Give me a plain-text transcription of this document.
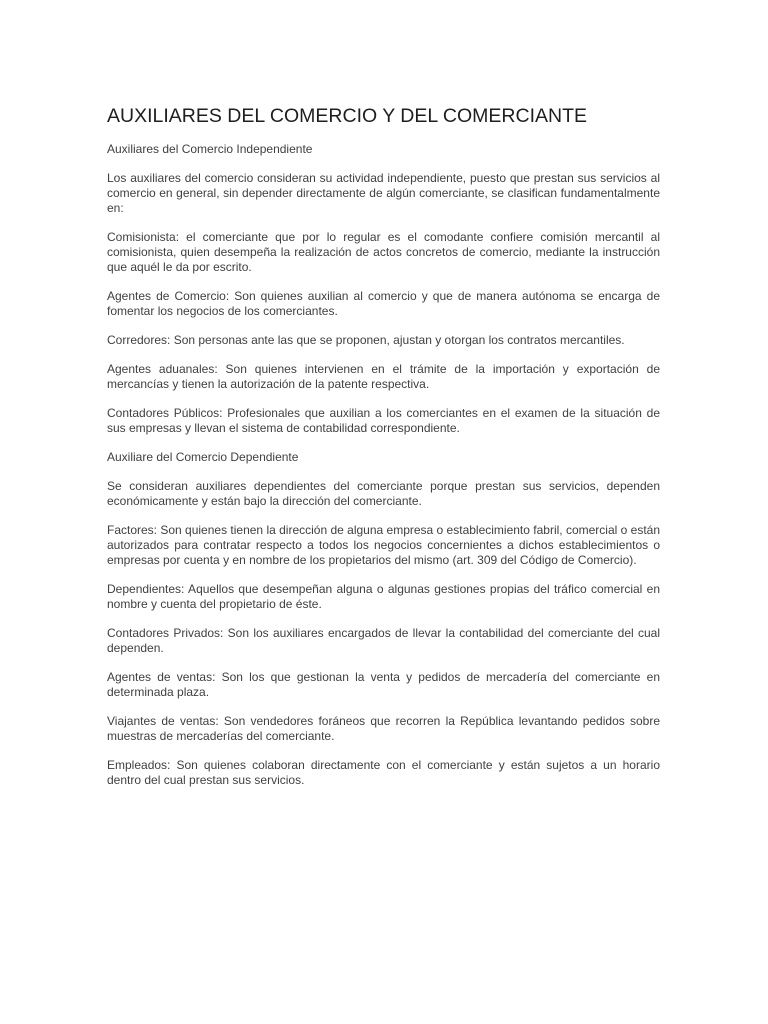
AUXILIARES DEL COMERCIO Y DEL COMERCIANTE
Auxiliares del Comercio Independiente

Los auxiliares del comercio consideran su actividad independiente, puesto que prestan sus servicios al comercio en general, sin depender directamente de algún comerciante, se clasifican fundamentalmente en:

Comisionista: el comerciante que por lo regular es el comodante confiere comisión mercantil al comisionista, quien desempeña la realización de actos concretos de comercio, mediante la instrucción que aquél le da por escrito.

Agentes de Comercio: Son quienes auxilian al comercio y que de manera autónoma se encarga de fomentar los negocios de los comerciantes.

Corredores: Son personas ante las que se proponen, ajustan y otorgan los contratos mercantiles.

Agentes aduanales: Son quienes intervienen en el trámite de la importación y exportación de mercancías y tienen la autorización de la patente respectiva.

Contadores Públicos: Profesionales que auxilian a los comerciantes en el examen de la situación de sus empresas y llevan el sistema de contabilidad correspondiente.

Auxiliare del Comercio Dependiente

Se consideran auxiliares dependientes del comerciante porque prestan sus servicios, dependen económicamente y están bajo la dirección del comerciante.

Factores: Son quienes tienen la dirección de alguna empresa o establecimiento fabril, comercial o están autorizados para contratar respecto a todos los negocios concernientes a dichos establecimientos o empresas por cuenta y en nombre de los propietarios del mismo (art. 309 del Código de Comercio).

Dependientes: Aquellos que desempeñan alguna o algunas gestiones propias del tráfico comercial en nombre y cuenta del propietario de éste.

Contadores Privados: Son los auxiliares encargados de llevar la contabilidad del comerciante del cual dependen.

Agentes de ventas: Son los que gestionan la venta y pedidos de mercadería del comerciante en determinada plaza.

Viajantes de ventas: Son vendedores foráneos que recorren la República levantando pedidos sobre muestras de mercaderías del comerciante.

Empleados: Son quienes colaboran directamente con el comerciante y están sujetos a un horario dentro del cual prestan sus servicios.
